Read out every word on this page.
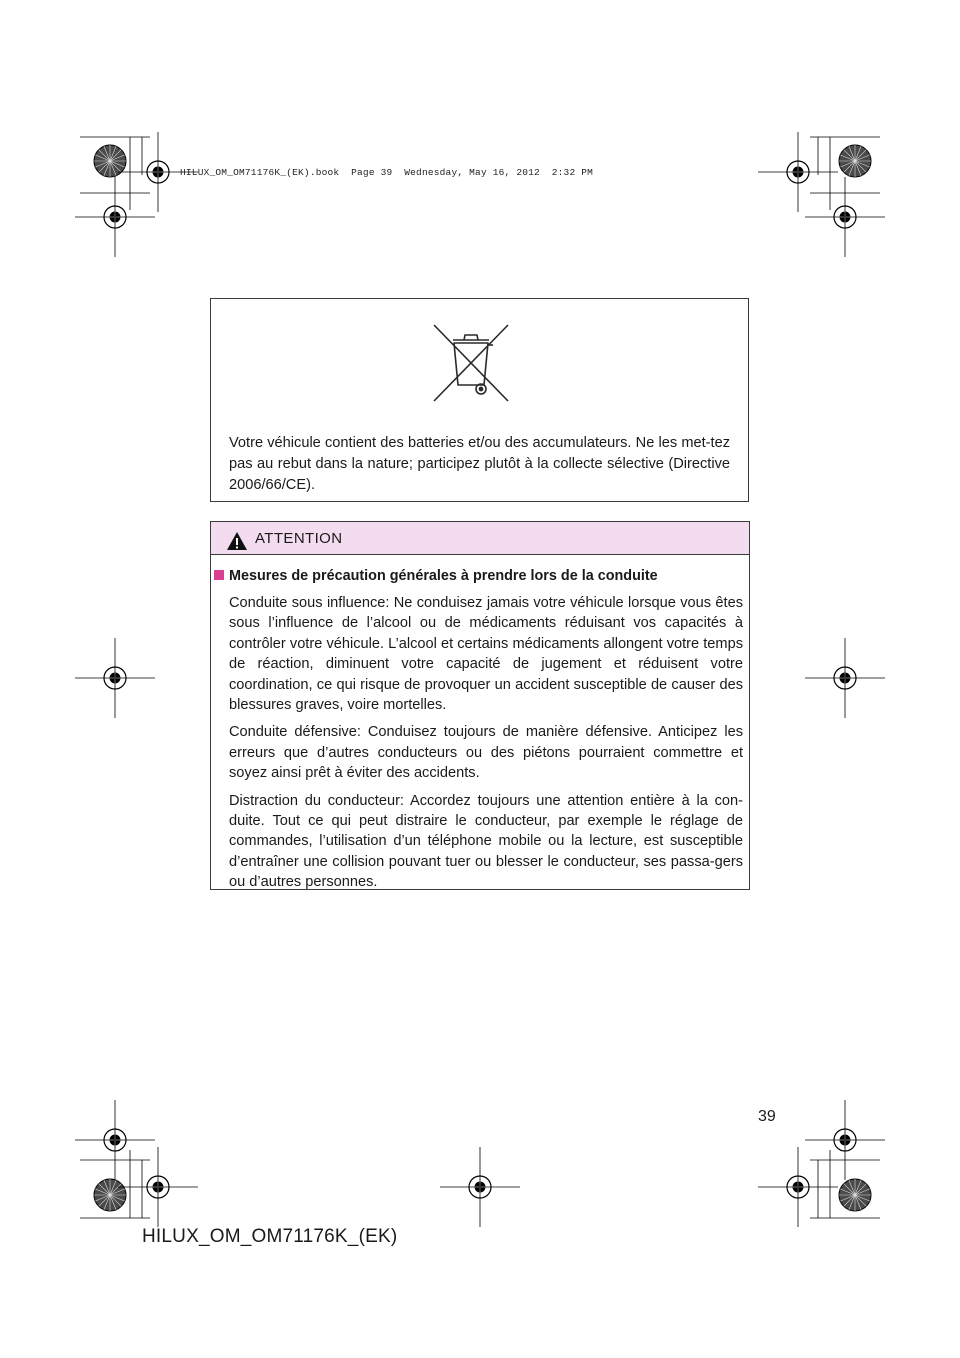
HILUX_OM_OM71176K_(EK).book  Page 39  Wednesday, May 16, 2012  2:32 PM
Votre véhicule contient des batteries et/ou des accumulateurs. Ne les met-tez pas au rebut dans la nature; participez plutôt à la collecte sélective (Directive 2006/66/CE).
ATTENTION
Mesures de précaution générales à prendre lors de la conduite
Conduite sous influence: Ne conduisez jamais votre véhicule lorsque vous êtes sous l’influence de l’alcool ou de médicaments réduisant vos capacités à contrôler votre véhicule. L’alcool et certains médicaments allongent votre temps de réaction, diminuent votre capacité de jugement et réduisent votre coordination, ce qui risque de provoquer un accident susceptible de causer des blessures graves, voire mortelles.
Conduite défensive: Conduisez toujours de manière défensive. Anticipez les erreurs que d’autres conducteurs ou des piétons pourraient commettre et soyez ainsi prêt à éviter des accidents.
Distraction du conducteur: Accordez toujours une attention entière à la con-duite. Tout ce qui peut distraire le conducteur, par exemple le réglage de commandes, l’utilisation d’un téléphone mobile ou la lecture, est susceptible d’entraîner une collision pouvant tuer ou blesser le conducteur, ses passa-gers ou d’autres personnes.
39
HILUX_OM_OM71176K_(EK)
